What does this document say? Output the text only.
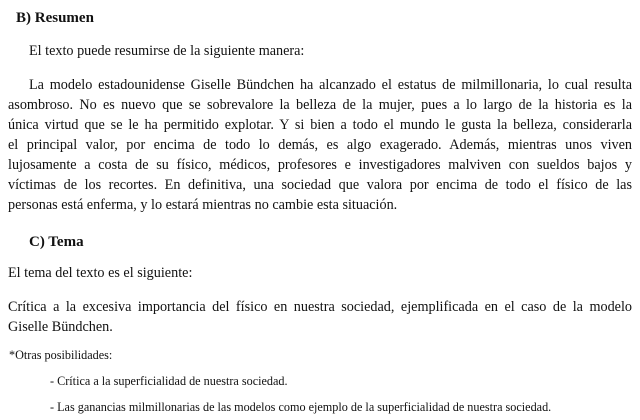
B) Resumen
El texto puede resumirse de la siguiente manera:
La modelo estadounidense Giselle Bündchen ha alcanzado el estatus de milmillonaria, lo cual resulta
asombroso. No es nuevo que se sobrevalore la belleza de la mujer, pues a lo largo de la historia es la
única virtud que se le ha permitido explotar. Y si bien a todo el mundo le gusta la belleza, considerarla
el principal valor, por encima de todo lo demás, es algo exagerado. Además, mientras unos viven
lujosamente a costa de su físico, médicos, profesores e investigadores malviven con sueldos bajos y
víctimas de los recortes. En definitiva, una sociedad que valora por encima de todo el físico de las
personas está enferma, y lo estará mientras no cambie esta situación.
C) Tema
El tema del texto es el siguiente:
Crítica a la excesiva importancia del físico en nuestra sociedad, ejemplificada en el caso de la modelo
Giselle Bündchen.
*Otras posibilidades:
- Crítica a la superficialidad de nuestra sociedad.
- Las ganancias milmillonarias de las modelos como ejemplo de la superficialidad de nuestra sociedad.
